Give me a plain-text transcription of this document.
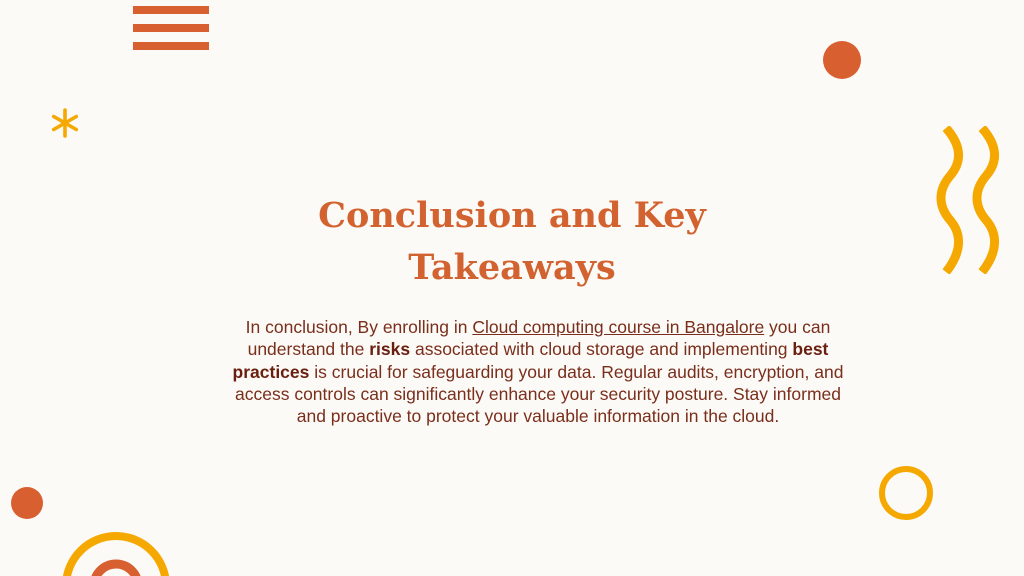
Conclusion and Key Takeaways

In conclusion, By enrolling in Cloud computing course in Bangalore you can understand the risks associated with cloud storage and implementing best practices is crucial for safeguarding your data. Regular audits, encryption, and access controls can significantly enhance your security posture. Stay informed and proactive to protect your valuable information in the cloud.
